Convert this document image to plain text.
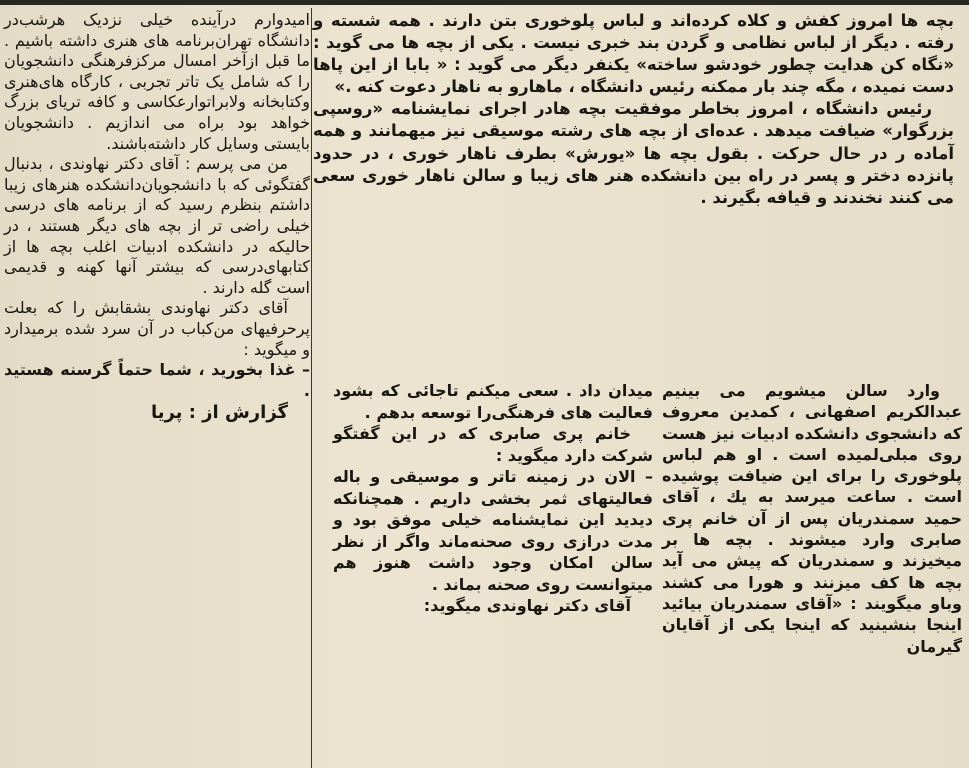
بچه ها امروز کفش و کلاه کرده‌اند و لباس پلوخوری بتن دارند . همه شسته و رفته . دیگر از لباس نظامی و گردن بند خبری نیست . یکی از بچه ها می گوید : «نگاه کن هدایت چطور خودشو ساخته» یکنفر دیگر می گوید : « بابا از این پاها دست نمیده ، مگه چند بار ممکنه رئیس دانشگاه ، ماهارو به ناهار دعوت کنه .»

رئیس دانشگاه ، امروز بخاطر موفقیت بچه هادر اجرای نمایشنامه «روسپی بزرگوار» ضیافت میدهد . عده‌ای از بچه های رشته موسیقی نیز میهمانند و همه آماده ر در حال حرکت . بقول بچه ها «یورش» بطرف ناهار خوری ، در حدود پانزده دختر و پسر در راه بین دانشکده هنر های زیبا و سالن ناهار خوری سعی می کنند نخندند و قیافه بگیرند .

امیدوارم درآینده خیلی نزدیک هرشب‌در دانشگاه تهران‌برنامه های هنری داشته باشیم . ما قبل ازآخر امسال مرکزفرهنگی دانشجویان را که شامل یک تاتر تجربی ، کارگاه های‌هنری وکتابخانه ولابراتوارعکاسی و کافه تریای بزرگ خواهد بود براه می اندازیم . دانشجویان بایستی وسایل کار داشته‌باشند.

من می پرسم : آقای دکتر نهاوندی ، بدنبال گفتگوئی که با دانشجویان‌دانشکده هنرهای زیبا داشتم بنظرم رسید که از برنامه های درسی خیلی راضی تر از بچه های دیگر هستند ، در حالیکه در دانشکده ادبیات اغلب بچه ها از کتابهای‌درسی که بیشتر آنها کهنه و قدیمی است گله دارند .

آقای دکتر نهاوندی بشقابش را که بعلت پرحرفیهای من‌کباب در آن سرد شده برمیدارد و میگوید :

– غذا بخورید ، شما حتماً گرسنه هستید .

گزارش از : پریا

وارد سالن میشویم می بینیم عبدالکریم اصفهانی ، کمدین معروف که دانشجوی دانشکده ادبیات نیز هست روی مبلی‌لمیده است . او هم لباس پلوخوری را برای این ضیافت پوشیده است . ساعت میرسد به یك ، آقای حمید سمندریان پس از آن خانم پری صابری وارد میشوند . بچه ها بر میخیزند و سمندریان که پیش می آید بچه ها کف میزنند و هورا می کشند وباو میگویند : «آقای سمندریان بیائید اینجا بنشینید که اینجا یکی از آقایان گیرمان

میدان داد . سعی میکنم تاجائی که بشود فعالیت های فرهنگی‌را توسعه بدهم .

خانم پری صابری که در این گفتگو شرکت دارد میگوید :

– الان در زمینه تاتر و موسیقی و باله فعالیتهای ثمر بخشی داریم . همچنانکه دیدید این نمایشنامه خیلی موفق بود و مدت درازی روی صحنه‌ماند واگر از نظر سالن امکان وجود داشت هنوز هم میتوانست روی صحنه بماند .

آقای دکتر نهاوندی میگوید:
